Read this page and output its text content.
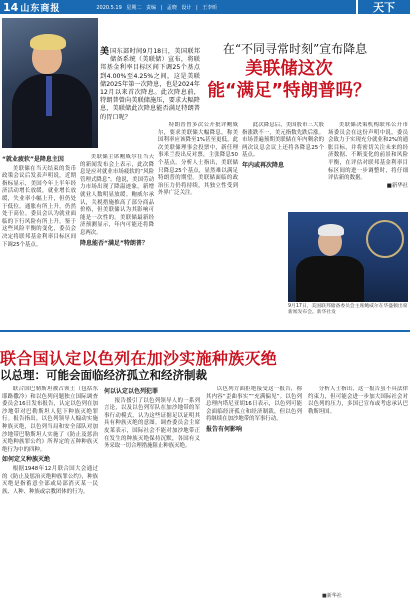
14 山东商报	2020.5.19 星期二 责编 | 孟晓 设计 | 王李昕	天下
美 国东部时间9月18日，美国联邦储备系统（美联储）宣布，将联邦基金利率目标区间下调25个基点到4.00%至4.25%之间，这是美联储2025年第一次降息，也是2024年12月以来首次降息。此次降息前，特朗普曾向美联储施压，要求大幅降息，美联储此次降息能否满足特朗普的胃口呢？
在“不同寻常时刻”宣布降息
美联储这次
能“满足”特朗普吗？

“就业疲软”是降息主因

美联储在当天结束的货币政策会议后发表声明说，近期指标显示，美国今年上半年经济活动增长放缓，就业增长放缓，失业率小幅上升，但仍处于低位。通胀有所上升，仍然处于高位。委员会认为就业面临的下行风险有所上升。鉴于这些风险平衡的变化，委员会决定将联邦基金利率目标区间下调25个基点。

美联储主席鲍威尔在当天的新闻发布会上表示，此次降息是应对就业市场疲软的“风险管理式降息”。他说，美国劳动力市场出现了降温迹象，新增就业人数明显放缓。鲍威尔承认，关税措施推高了部分商品价格，但美联储认为其影响可能是一次性的。美联储最新经济预测显示，年内可能还将降息两次。

降息能否“满足”特朗普？

特朗普曾多次公开批评鲍威尔，要求美联储大幅降息，称美国利率应该降至1%甚至更低。此次美联储理事会投票中，新任理事米兰投出反对票，主张降息50个基点。分析人士指出，美联储只降息25个基点，显然难以满足特朗普的期望。美联储面临的政治压力仍将持续，其独立性受到外界广泛关注。

此次降息后，美国股市三大股指涨跌不一，美元指数先跌后涨。市场普遍预期美联储在年内剩余的两次议息会议上还将各降息25个基点。

年内或再次降息

美联储决策机构联邦公开市场委员会在这份声明中说，委员会致力于实现充分就业和2%的通胀目标，并将密切关注未来的经济数据、不断变化的前景和风险平衡，在评估对联邦基金利率目标区间的进一步调整时，将仔细评估新的数据。

■新华社

9月17日，美国联邦储备委员会主席鲍威尔在华盛顿出席新闻发布会。新华社发
联合国认定以色列在加沙实施种族灭绝
以总理：可能会面临经济孤立和经济制裁

联合国巴勒斯坦被占领土（包括东耶路撒冷）和以色列问题独立国际调查委员会16日发布报告，认定以色列在加沙地带对巴勒斯坦人犯下种族灭绝罪行。报告指出，以色列领导人煽动实施种族灭绝，以色列当局和安全部队对加沙地带巴勒斯坦人实施了《防止及惩治灭绝种族罪公约》所界定的五种种族灭绝行为中的四种。

如何定义种族灭绝

根据1948年12月联合国大会通过的《防止及惩治灭绝种族罪公约》，种族灭绝是指蓄意全部或局部消灭某一民族、人种、种族或宗教团体的行为。

何以认定以色列犯罪

报告援引了以色列领导人的一系列言论，以及以色列军队在加沙地带的军事行动模式，认为这些证据足以证明其具有种族灭绝的意图。调查委员会主席皮莱表示，国际社会不能对加沙地带正在发生的种族灭绝保持沉默，各国有义务采取一切合理措施阻止种族灭绝。

以色列方面拒绝接受这一报告，称其内容“歪曲事实”“充满偏见”。以色列总理内塔尼亚胡16日表示，以色列可能会面临经济孤立和经济制裁，但以色列将继续在加沙地带的军事行动。

报告有何影响

分析人士指出，这一报告虽不具法律约束力，但可能会进一步加大国际社会对以色列的压力，多国已宣布或考虑承认巴勒斯坦国。

■新华社
